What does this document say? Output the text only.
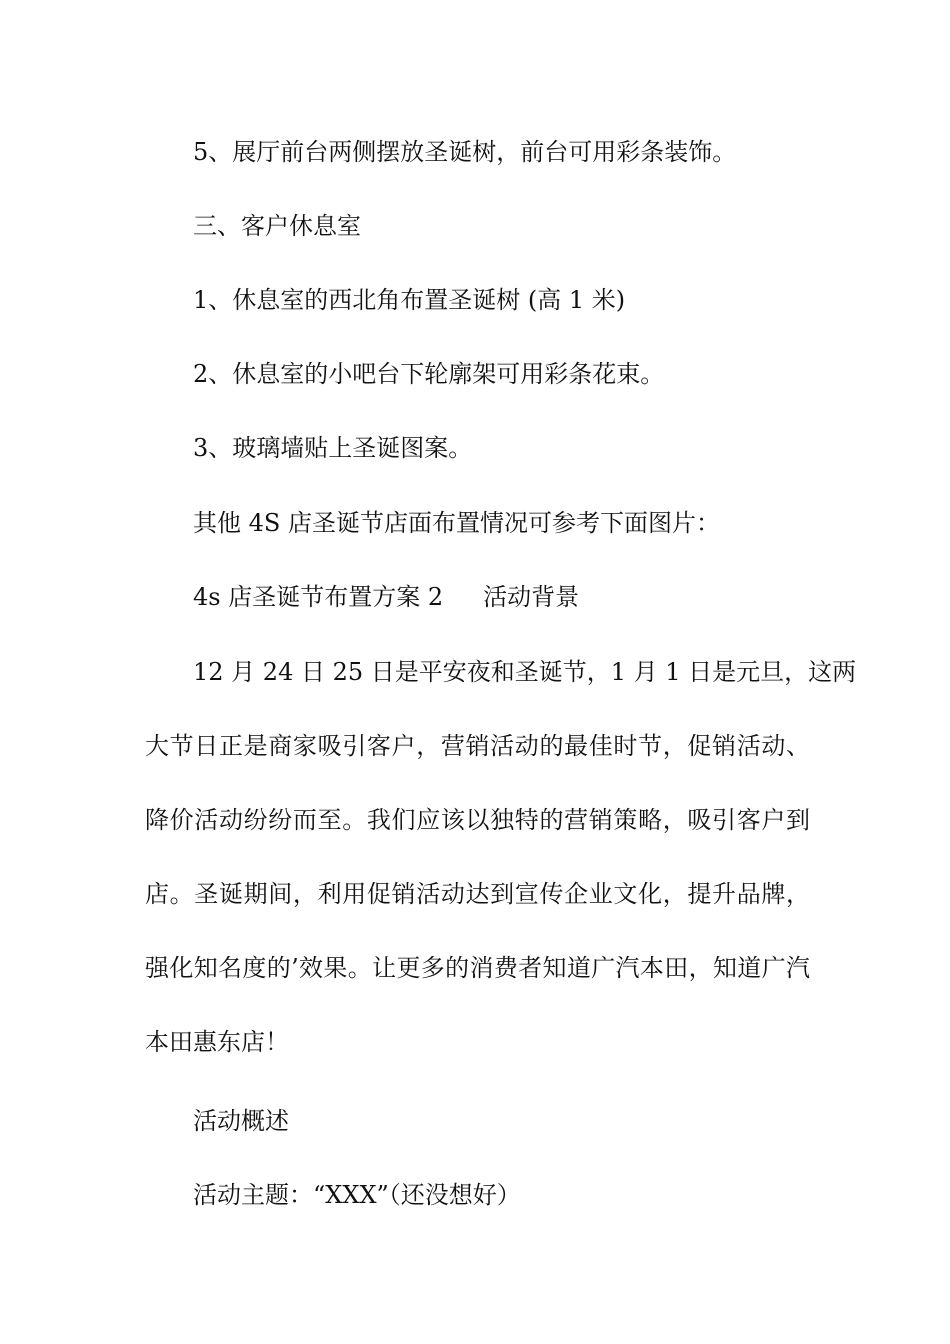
5、展厅前台两侧摆放圣诞树，前台可用彩条装饰。

三、客户休息室

1、休息室的西北角布置圣诞树 (高 1 米)

2、休息室的小吧台下轮廓架可用彩条花束。

3、玻璃墙贴上圣诞图案。

其他 4S 店圣诞节店面布置情况可参考下面图片：

4s 店圣诞节布置方案 2 活动背景

12 月 24 日 25 日是平安夜和圣诞节，1 月 1 日是元旦，这两
大节日正是商家吸引客户，营销活动的最佳时节，促销活动、
降价活动纷纷而至。我们应该以独特的营销策略，吸引客户到
店。圣诞期间，利用促销活动达到宣传企业文化，提升品牌，
强化知名度的’效果。让更多的消费者知道广汽本田，知道广汽
本田惠东店！

活动概述

活动主题：“XXX”（还没想好）
